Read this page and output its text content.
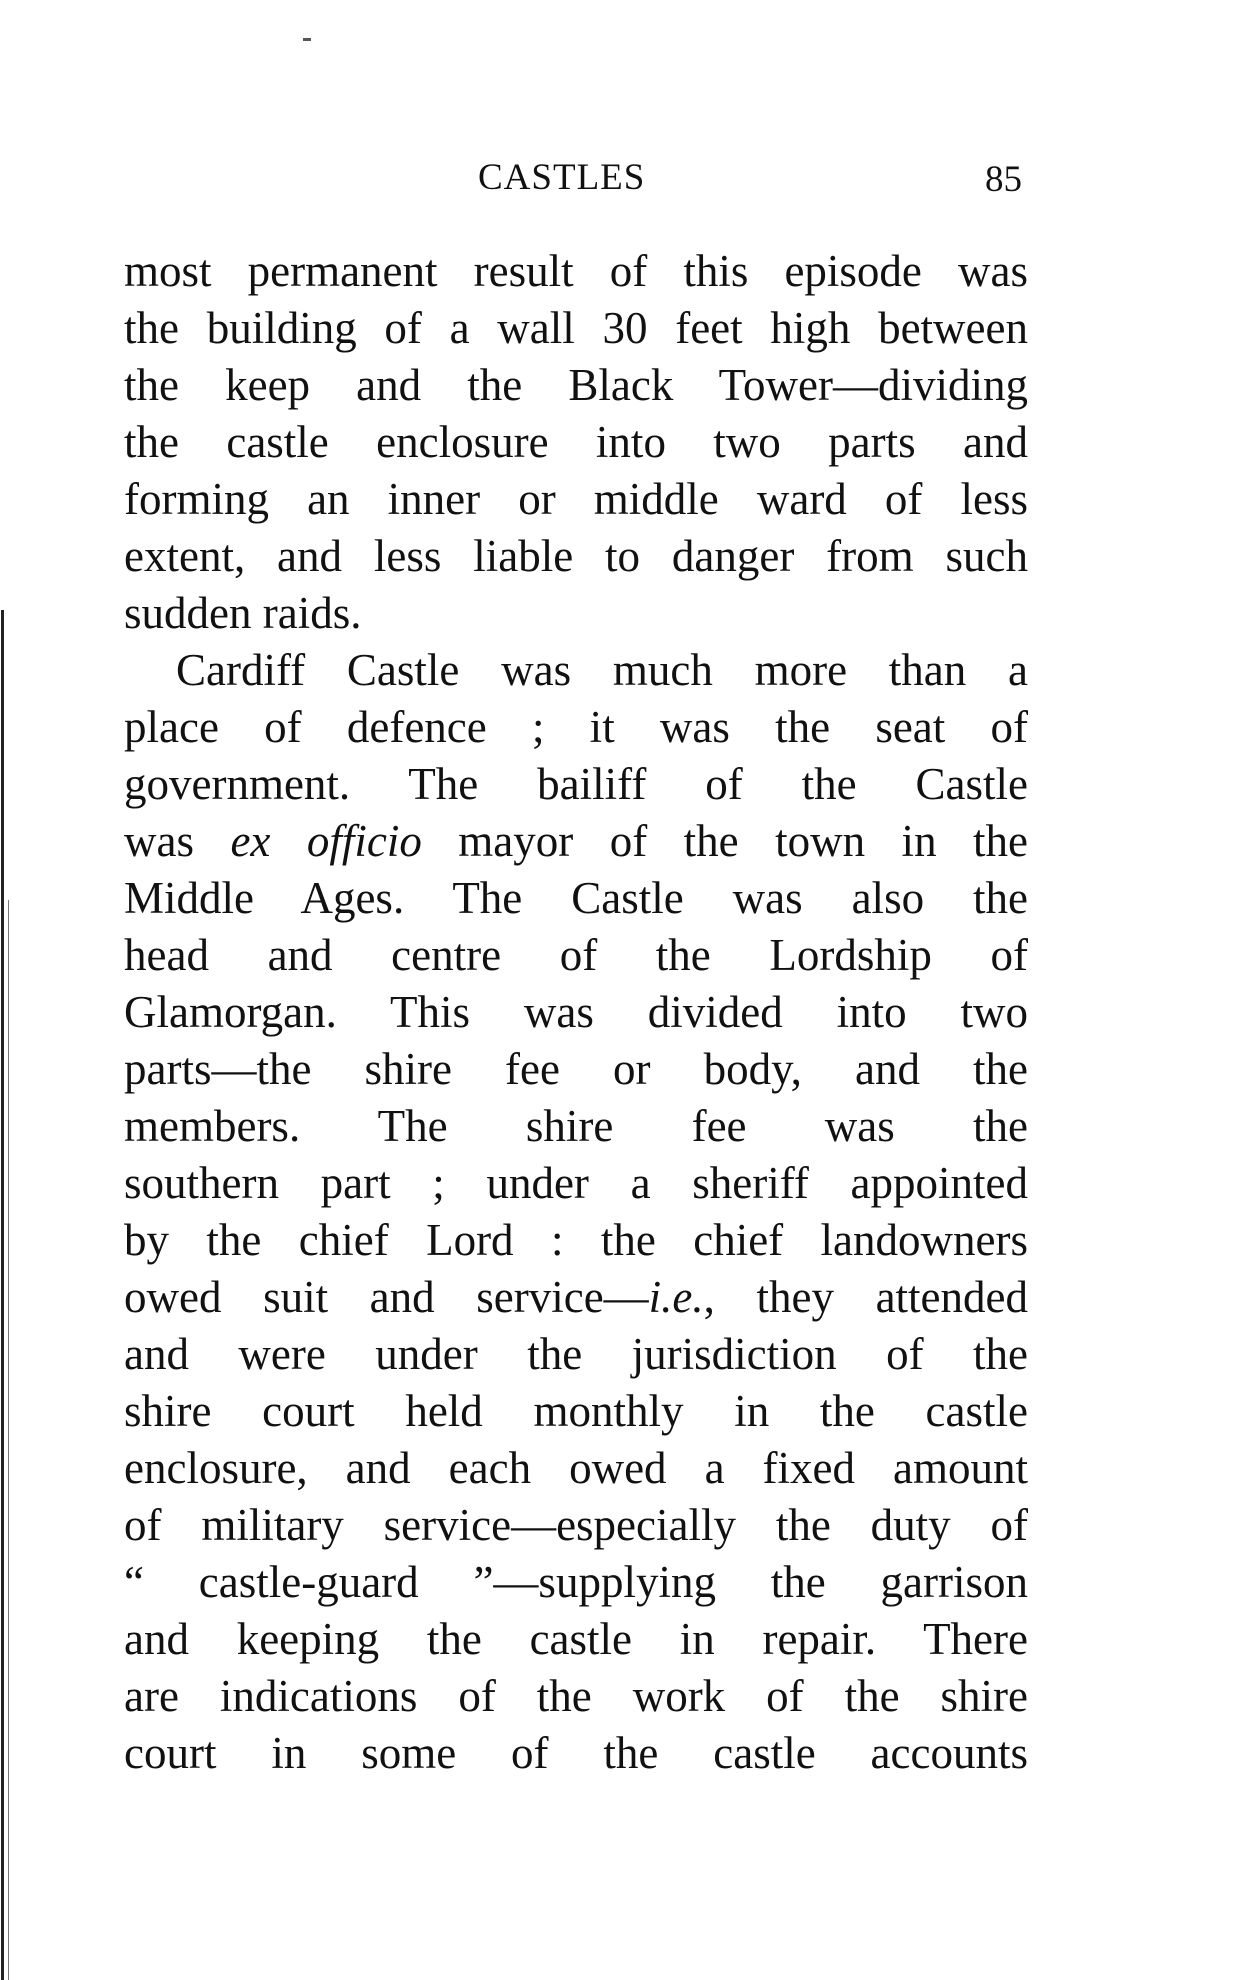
CASTLES	85
most permanent result of this episode was
the building of a wall 30 feet high between
the keep and the Black Tower—dividing
the castle enclosure into two parts and
forming an inner or middle ward of less
extent, and less liable to danger from such
sudden raids.
Cardiff Castle was much more than a
place of defence ; it was the seat of
government. The bailiff of the Castle
was ex officio mayor of the town in the
Middle Ages. The Castle was also the
head and centre of the Lordship of
Glamorgan. This was divided into two
parts—the shire fee or body, and the
members. The shire fee was the
southern part ; under a sheriff appointed
by the chief Lord : the chief landowners
owed suit and service—i.e., they attended
and were under the jurisdiction of the
shire court held monthly in the castle
enclosure, and each owed a fixed amount
of military service—especially the duty of
“ castle-guard ”—supplying the garrison
and keeping the castle in repair. There
are indications of the work of the shire
court in some of the castle accounts
